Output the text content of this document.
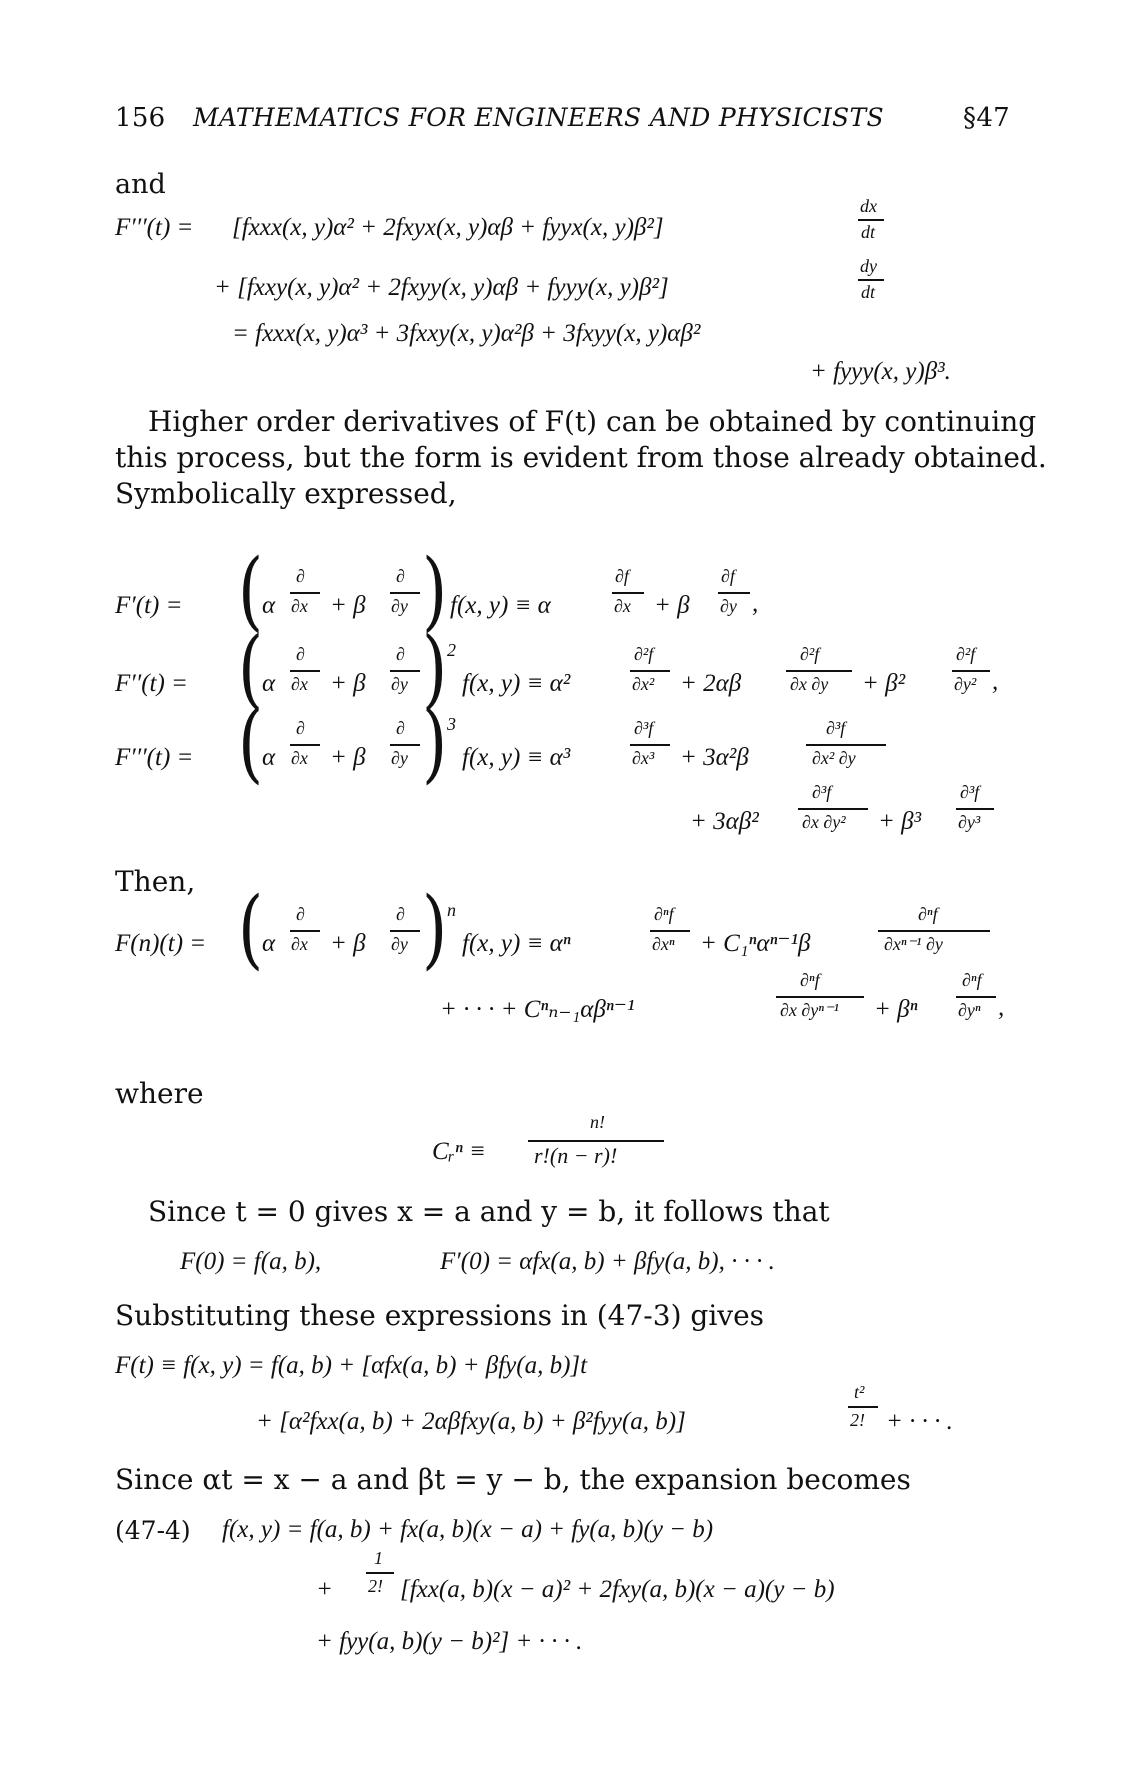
156 MATHEMATICS FOR ENGINEERS AND PHYSICISTS	§47
and
F′′′(t) = [fxxx(x, y)α² + 2fxyx(x, y)αβ + fyyx(x, y)β²]
dx
dt
+ [fxxy(x, y)α² + 2fxyy(x, y)αβ + fyyy(x, y)β²]
dy
dt
= fxxx(x, y)α³ + 3fxxy(x, y)α²β + 3fxyy(x, y)αβ²
+ fyyy(x, y)β³.
Higher order derivatives of F(t) can be obtained by continuing
this process, but the form is evident from those already obtained.
Symbolically expressed,
F′(t) = (
α
∂
∂x + β
∂
∂y ) f(x, y) ≡ α
∂f
∂x + β
∂f
∂y ,
F′′(t) = (
α
∂
∂x + β
∂
∂y ) 2
f(x, y) ≡ α²
∂²f
∂x² + 2αβ
∂²f
∂x ∂y + β²
∂²f
∂y² ,
F′′′(t) = (
α
∂
∂x + β
∂
∂y ) 3
f(x, y) ≡ α³
∂³f
∂x³ + 3α²β
∂³f
∂x² ∂y
+ 3αβ²
∂³f
∂x ∂y² + β³
∂³f
∂y³
Then,
F(n)(t) = (
α
∂
∂x + β
∂
∂y ) n
f(x, y) ≡ αⁿ
∂ⁿf
∂xⁿ + C₁ⁿαⁿ⁻¹β
∂ⁿf
∂xⁿ⁻¹ ∂y
+ · · · + Cⁿₙ₋₁αβⁿ⁻¹
∂ⁿf
∂x ∂yⁿ⁻¹ + βⁿ
∂ⁿf
∂yⁿ ,
where
Cᵣⁿ ≡
n!
r!(n − r)!
Since t = 0 gives x = a and y = b, it follows that
F(0) = f(a, b),	F′(0) = αfx(a, b) + βfy(a, b), · · · .
Substituting these expressions in (47-3) gives
F(t) ≡ f(x, y) = f(a, b) + [αfx(a, b) + βfy(a, b)]t
+ [α²fxx(a, b) + 2αβfxy(a, b) + β²fyy(a, b)]
t²
2! + · · · .
Since αt = x − a and βt = y − b, the expansion becomes
(47-4) f(x, y) = f(a, b) + fx(a, b)(x − a) + fy(a, b)(y − b)
+
1
2! [fxx(a, b)(x − a)² + 2fxy(a, b)(x − a)(y − b)
+ fyy(a, b)(y − b)²] + · · · .
